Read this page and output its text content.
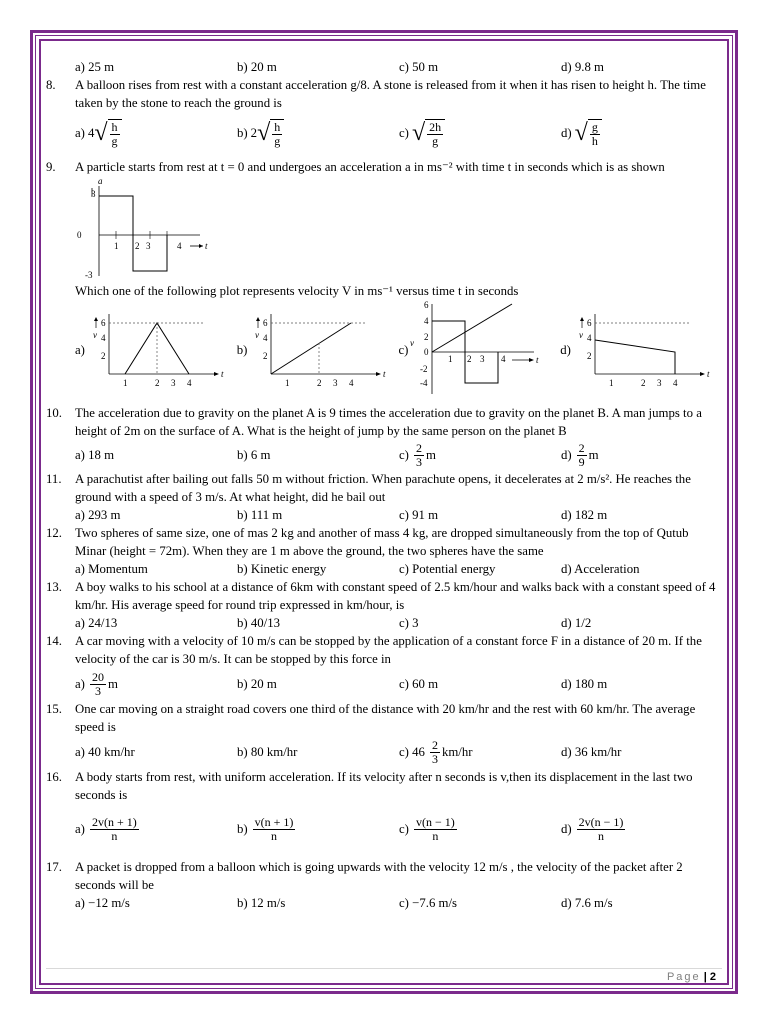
a) 25 m	b) 20 m	c) 50 m	d) 9.8 m
8.	A balloon rises from rest with a constant acceleration g/8. A stone is released from it when it has risen to height h. The time taken by the stone to reach the ground is
a) 4 √ $\frac{h}{g}$	b) 2 √ $\frac{h}{g}$	c) √ $\frac{2h}{g}$	d) √ $\frac{g}{h}$
9.	A particle starts from rest at t = 0 and undergoes an acceleration a in ms⁻² with time t in seconds which is as shown
a
3
0
-3
t
1 2 3	4
Which one of the following plot represents velocity V in ms⁻¹ versus time t in seconds
a)
t
v
6
4
2
1	2 3 4
b)
t
v
6
4
2
1	2 3 4
c)
t
6
4
2
0
-2
-4
v
1 2 3 4
d)
t
v
6
4
2
1	2 3 4
10.	The acceleration due to gravity on the planet A is 9 times the acceleration due to gravity on the planet B. A man jumps to a height of 2m on the surface of A. What is the height of jump by the same person on the planet B
a) 18 m	b) 6 m	$c) \frac{2}{3}$ m	$d) \frac{2}{9}$ m
11.	A parachutist after bailing out falls 50 m without friction. When parachute opens, it decelerates at 2 m/s². He reaches the ground with a speed of 3 m/s. At what height, did he bail out
a) 293 m	b) 111 m	c) 91 m	d) 182 m
12.	Two spheres of same size, one of mas 2 kg and another of mass 4 kg, are dropped simultaneously from the top of Qutub Minar (height = 72m). When they are 1 m above the ground, the two spheres have the same
a) Momentum	b) Kinetic energy	c) Potential energy	d) Acceleration
13.	A boy walks to his school at a distance of 6km with constant speed of 2.5 km/hour and walks back with a constant speed of 4 km/hr. His average speed for round trip expressed in km/hour, is
a) 24/13	b) 40/13	c) 3	d) 1/2
14.	A car moving with a velocity of 10 m/s can be stopped by the application of a constant force F in a distance of 20 m. If the velocity of the car is 30 m/s. It can be stopped by this force in
$a) \frac{20}{3}$ m	b) 20 m	c) 60 m	d) 180 m
15.	One car moving on a straight road covers one third of the distance with 20 km/hr and the rest with 60 km/hr. The average speed is
a) 40 km/hr	b) 80 km/hr	c) $46 \frac{2}{3} km/hr$	d) 36 km/hr
16.	A body starts from rest, with uniform acceleration. If its velocity after n seconds is v,then its displacement in the last two seconds is
$a) \frac{2v(n + 1)}{n}$	$b) \frac{v(n + 1)}{n}$	$c) \frac{v(n - 1)}{n}$	$d) \frac{2v(n - 1)}{n}$
17.	A packet is dropped from a balloon which is going upwards with the velocity 12 m/s , the velocity of the packet after 2 seconds will be
a) −12 m/s	b) 12 m/s	c) −7.6 m/s	d) 7.6 m/s
Page | 2
